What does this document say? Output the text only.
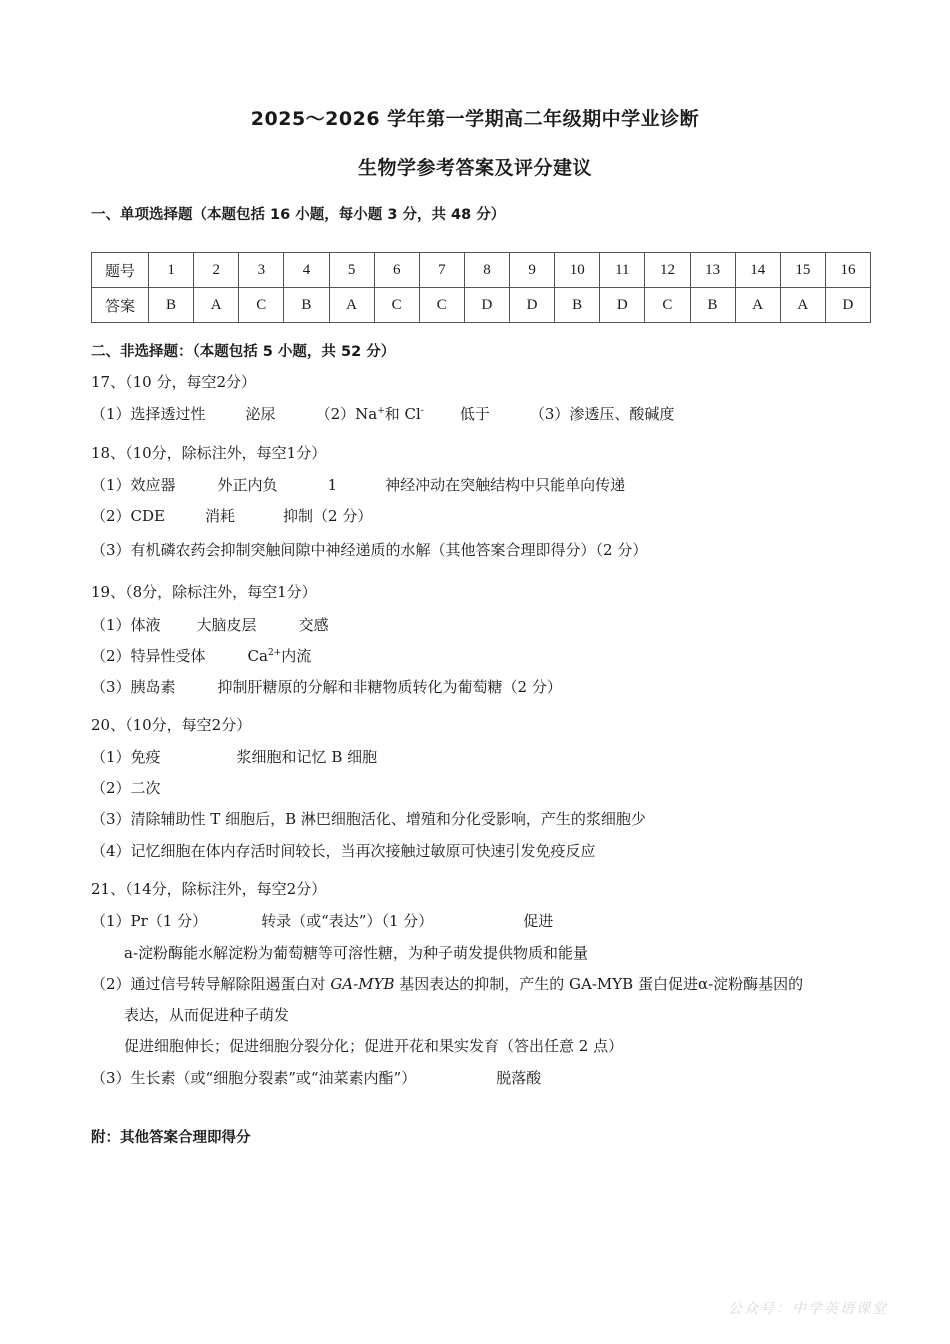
2025～2026 学年第一学期高二年级期中学业诊断
生物学参考答案及评分建议
一、单项选择题（本题包括 16 小题，每小题 3 分，共 48 分）
题号	1	2	3	4	5	6	7	8	9	10	11	12	13	14	15	16
答案	B	A	C	B	A	C	C	D	D	B	D	C	B	A	A	D
二、非选择题：（本题包括 5 小题，共 52 分）
17、（10 分，每空2分）
（1）选择透过性	泌尿	（2）Na+和 Cl- 低于	（3）渗透压、酸碱度
18、（10分，除标注外，每空1分）
（1）效应器	外正内负	1	神经冲动在突触结构中只能单向传递
（2）CDE	消耗	抑制（2 分）
（3）有机磷农药会抑制突触间隙中神经递质的水解（其他答案合理即得分）（2 分）
19、（8分，除标注外，每空1分）
（1）体液 大脑皮层	交感
（2）特异性受体	$Ca^{2+}$内流
（3）胰岛素	抑制肝糖原的分解和非糖物质转化为葡萄糖（2 分）
20、（10分，每空2分）
（1）免疫	浆细胞和记忆 B 细胞
（2）二次
（3）清除辅助性 T 细胞后，B 淋巴细胞活化、增殖和分化受影响，产生的浆细胞少
（4）记忆细胞在体内存活时间较长，当再次接触过敏原可快速引发免疫反应
21、（14分，除标注外，每空2分）
（1）Pr（1 分）	转录（或“表达”）（1 分）	促进
a-淀粉酶能水解淀粉为葡萄糖等可溶性糖，为种子萌发提供物质和能量
（2）通过信号转导解除阻遏蛋白对 GA-MYB 基因表达的抑制，产生的 GA-MYB 蛋白促进α-淀粉酶基因的
表达，从而促进种子萌发
促进细胞伸长；促进细胞分裂分化；促进开花和果实发育（答出任意 2 点）
（3）生长素（或“细胞分裂素”或“油菜素内酯”）	脱落酸
附：其他答案合理即得分
公众号：中学英语课堂
